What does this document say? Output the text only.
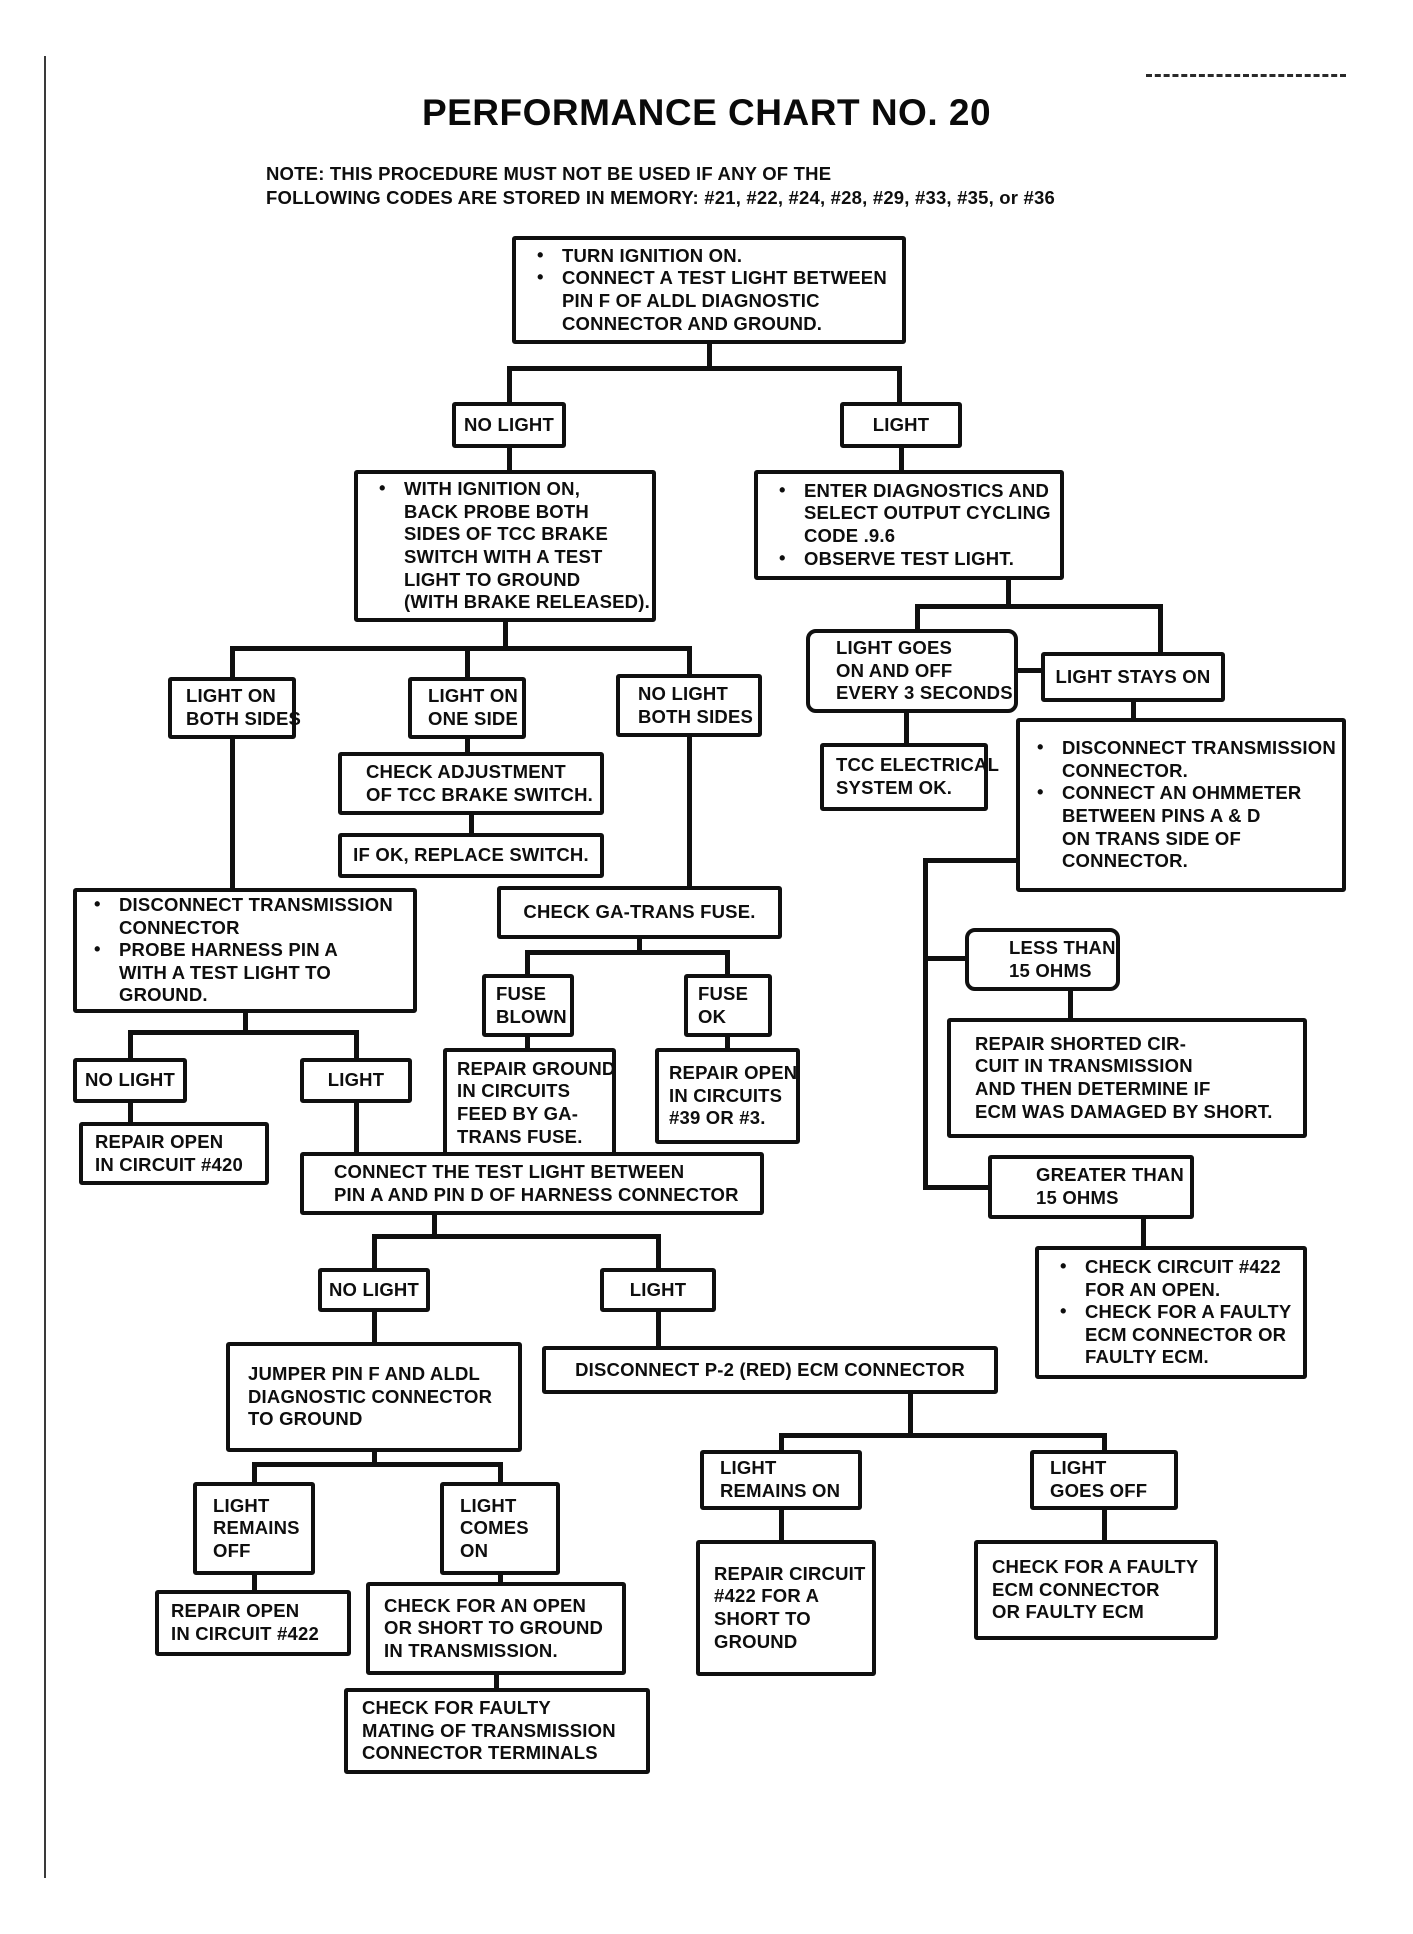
PERFORMANCE CHART NO. 20
NOTE: THIS PROCEDURE MUST NOT BE USED IF ANY OF THE
FOLLOWING CODES ARE STORED IN MEMORY: #21, #22, #24, #28, #29, #33, #35, or #36
• TURN IGNITION ON.
• CONNECT A TEST LIGHT BETWEEN
PIN F OF ALDL DIAGNOSTIC
CONNECTOR AND GROUND.
NO LIGHT	LIGHT
• WITH IGNITION ON,
BACK PROBE BOTH
SIDES OF TCC BRAKE
SWITCH WITH A TEST
LIGHT TO GROUND
(WITH BRAKE RELEASED).
• ENTER DIAGNOSTICS AND
SELECT OUTPUT CYCLING
CODE .9.6
• OBSERVE TEST LIGHT.
LIGHT GOES
ON AND OFF
EVERY 3 SECONDS
LIGHT STAYS ON
TCC ELECTRICAL
SYSTEM OK.
• DISCONNECT TRANSMISSION
CONNECTOR.
• CONNECT AN OHMMETER
BETWEEN PINS A & D
ON TRANS SIDE OF
CONNECTOR.
LIGHT ON
BOTH SIDES
LIGHT ON
ONE SIDE
NO LIGHT
BOTH SIDES
CHECK ADJUSTMENT
OF TCC BRAKE SWITCH.
IF OK, REPLACE SWITCH.
• DISCONNECT TRANSMISSION
CONNECTOR
• PROBE HARNESS PIN A
WITH A TEST LIGHT TO
GROUND.
CHECK GA-TRANS FUSE.
FUSE
BLOWN
FUSE
OK
REPAIR GROUND
IN CIRCUITS
FEED BY GA-
TRANS FUSE.
REPAIR OPEN
IN CIRCUITS
#39 OR #3.
NO LIGHT	LIGHT
REPAIR OPEN
IN CIRCUIT #420	CONNECT THE TEST LIGHT BETWEEN
PIN A AND PIN D OF HARNESS CONNECTOR
LESS THAN
15 OHMS
REPAIR SHORTED CIR-
CUIT IN TRANSMISSION
AND THEN DETERMINE IF
ECM WAS DAMAGED BY SHORT.
GREATER THAN
15 OHMS
• CHECK CIRCUIT #422
FOR AN OPEN.
• CHECK FOR A FAULTY
ECM CONNECTOR OR
FAULTY ECM.
NO LIGHT	LIGHT
JUMPER PIN F AND ALDL
DIAGNOSTIC CONNECTOR
TO GROUND
DISCONNECT P-2 (RED) ECM CONNECTOR
LIGHT
REMAINS
OFF
LIGHT
COMES
ON
REPAIR OPEN
IN CIRCUIT #422
CHECK FOR AN OPEN
OR SHORT TO GROUND
IN TRANSMISSION.
CHECK FOR FAULTY
MATING OF TRANSMISSION
CONNECTOR TERMINALS
LIGHT
REMAINS ON
LIGHT
GOES OFF
REPAIR CIRCUIT
#422 FOR A
SHORT TO
GROUND
CHECK FOR A FAULTY
ECM CONNECTOR
OR FAULTY ECM
